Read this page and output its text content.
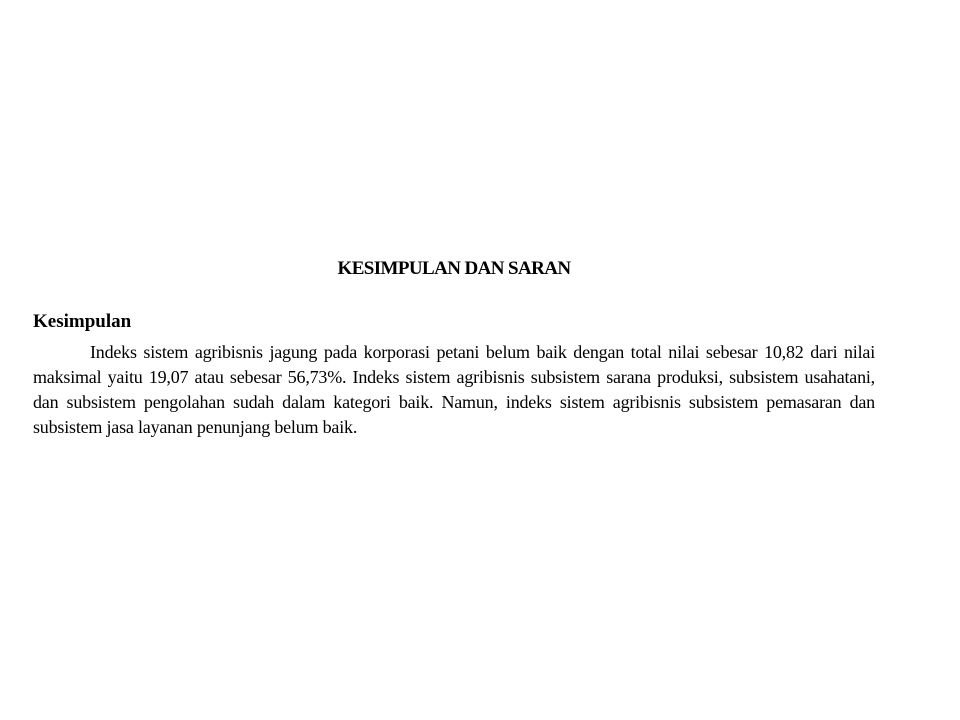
KESIMPULAN DAN SARAN
Kesimpulan

Indeks sistem agribisnis jagung pada korporasi petani belum baik dengan total nilai sebesar 10,82 dari nilai maksimal yaitu 19,07 atau sebesar 56,73%. Indeks sistem agribisnis subsistem sarana produksi, subsistem usahatani, dan subsistem pengolahan sudah dalam kategori baik. Namun, indeks sistem agribisnis subsistem pemasaran dan subsistem jasa layanan penunjang belum baik.
